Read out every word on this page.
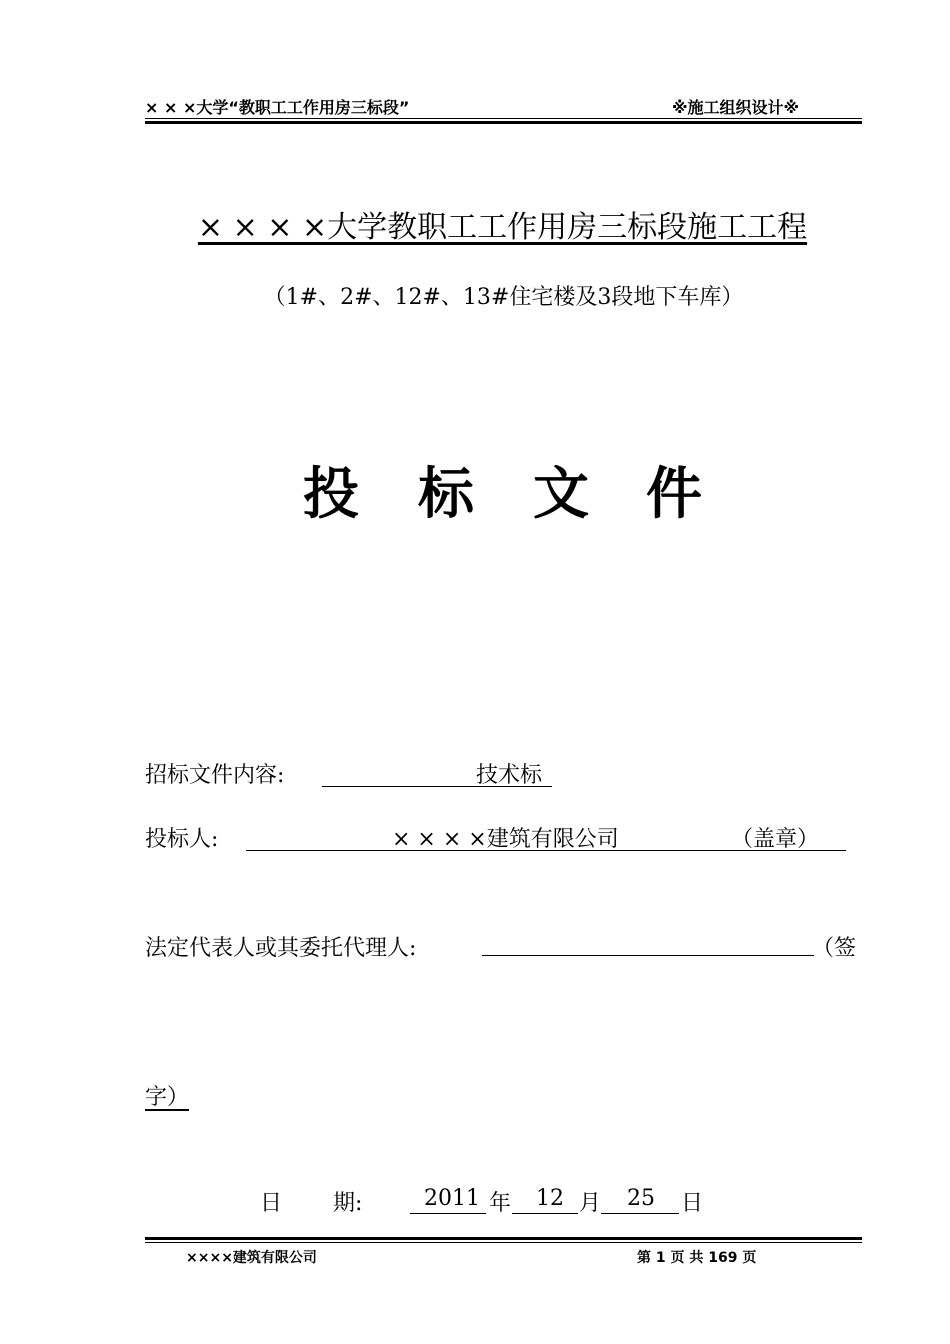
× × ×大学“教职工工作用房三标段”	※施工组织设计※
× × × ×大学教职工工作用房三标段施工工程
（1#、2#、12#、13#住宅楼及3段地下车库）
投 标 文 件
招标文件内容:	技术标
投标人:	× × × ×建筑有限公司	（盖章）
法定代表人或其委托代理人:	（签
字）
日 期:	2011 年 12 月 25 日
××××建筑有限公司	第 1 页 共 169 页
